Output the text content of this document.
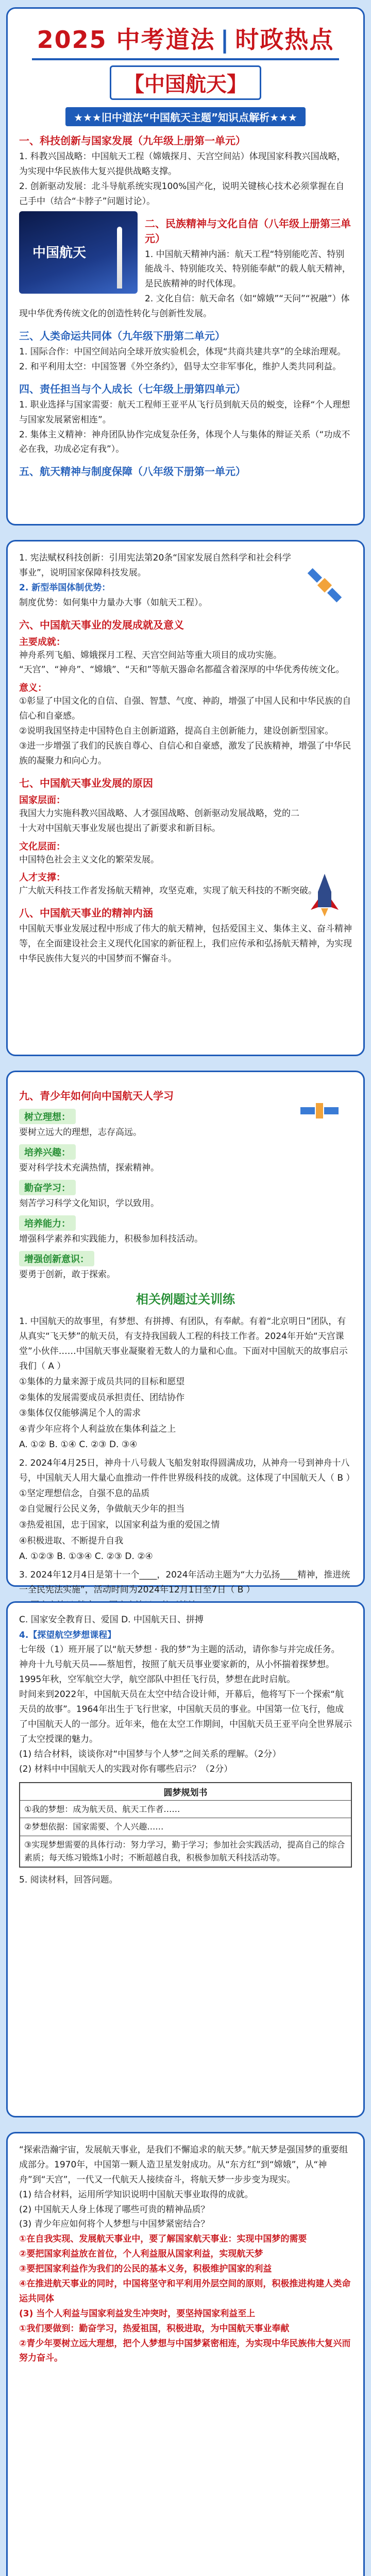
2025 中考道法 | 时政热点
【中国航天】
★★★旧中道法“中国航天主题”知识点解析★★★
一、科技创新与国家发展（九年级上册第一单元）

1. 科教兴国战略：中国航天工程（嫦娥探月、天宫空间站）体现国家科教兴国战略，为实现中华民族伟大复兴提供战略支撑。

2. 创新驱动发展：北斗导航系统实现100%国产化，说明关键核心技术必须掌握在自己手中（结合“卡脖子”问题讨论）。

中国航天
二、民族精神与文化自信（八年级上册第三单元）

1. 中国航天精神内涵：航天工程“特别能吃苦、特别能战斗、特别能攻关、特别能奉献”的载人航天精神，是民族精神的时代体现。

2. 文化自信：航天命名（如“嫦娥”“天问”“祝融”）体现中华优秀传统文化的创造性转化与创新性发展。

三、人类命运共同体（九年级下册第二单元）

1. 国际合作：中国空间站向全球开放实验机会，体现“共商共建共享”的全球治理观。

2. 和平利用太空：中国签署《外空条约》，倡导太空非军事化，维护人类共同利益。

四、责任担当与个人成长（七年级上册第四单元）

1. 职业选择与国家需要：航天工程师王亚平从飞行员到航天员的蜕变，诠释“个人理想与国家发展紧密相连”。

2. 集体主义精神：神舟团队协作完成复杂任务，体现个人与集体的辩证关系（“功成不必在我，功成必定有我”）。

五、航天精神与制度保障（八年级下册第一单元）

1. 宪法赋权科技创新：引用宪法第20条“国家发展自然科学和社会科学事业”，说明国家保障科技发展。

2. 新型举国体制优势：

制度优势：如何集中力量办大事（如航天工程）。

六、中国航天事业的发展成就及意义
主要成就：

神舟系列飞船、嫦娥探月工程、天宫空间站等重大项目的成功实施。

“天宫”、“神舟”、“嫦娥”、“天和”等航天器命名都蕴含着深厚的中华优秀传统文化。

意义：

①彰显了中国文化的自信、自强、智慧、气度、神韵，增强了中国人民和中华民族的自信心和自豪感。

②说明我国坚持走中国特色自主创新道路，提高自主创新能力，建设创新型国家。

③进一步增强了我们的民族自尊心、自信心和自豪感，激发了民族精神，增强了中华民族的凝聚力和向心力。

七、中国航天事业发展的原因
国家层面：

我国大力实施科教兴国战略、人才强国战略、创新驱动发展战略，党的二十大对中国航天事业发展也提出了新要求和新目标。

文化层面：

中国特色社会主义文化的繁荣发展。

人才支撑：

广大航天科技工作者发扬航天精神，攻坚克难，实现了航天科技的不断突破。

八、中国航天事业的精神内涵

中国航天事业发展过程中形成了伟大的航天精神，包括爱国主义、集体主义、奋斗精神等，在全面建设社会主义现代化国家的新征程上，我们应传承和弘扬航天精神，为实现中华民族伟大复兴的中国梦而不懈奋斗。

九、青少年如何向中国航天人学习
树立理想：

要树立远大的理想，志存高远。

培养兴趣：

要对科学技术充满热情，探索精神。

勤奋学习：

刻苦学习科学文化知识，学以致用。

培养能力：

增强科学素养和实践能力，积极参加科技活动。

增强创新意识：

要勇于创新，敢于探索。

相关例题过关训练

1. 中国航天的故事里，有梦想、有拼搏、有团队，有奉献。有着“北京明日”团队，有从真实“飞天梦”的航天员，有支持我国载人工程的科技工作者。2024年开始“天宫课堂”小伙伴……中国航天事业凝聚着无数人的力量和心血。下面对中国航天的故事启示我们（ A ）

①集体的力量来源于成员共同的目标和愿望
②集体的发展需要成员承担责任、团结协作
③集体仅仅能够满足个人的需求
④青少年应将个人利益放在集体利益之上
A. ①② B. ①④ C. ②③ D. ③④

2. 2024年4月25日，神舟十八号载人飞船发射取得圆满成功，从神舟一号到神舟十八号，中国航天人用大量心血推动一件件世界级科技的成就。这体现了中国航天人（ B ）

①坚定理想信念，自强不息的品质
②自觉履行公民义务，争做航天少年的担当
③热爱祖国，忠于国家，以国家利益为重的爱国之情
④积极进取、不断提升自我
A. ①②③ B. ①③④ C. ②③ D. ②④

3. 2024年12月4日是第十一个____，2024年活动主题为“大力弘扬____精神，推进统一全民宪法实施”，活动时间为2024年12月1日至7日（ B ）

C. 国家安全教育日、爱国 D. 中国航天日、拼搏

4.【探望航空梦想课程】

七年级（1）班开展了以“航天梦想 · 我的梦”为主题的活动，请你参与并完成任务。

神舟十九号航天员——蔡旭哲，按照了航天员事业要家新的，从小怀揣着探梦想。1995年秋，空军航空大学，航空部队中担任飞行员，梦想在此时启航。

时间来到2022年，中国航天员在太空中结合设计师，开幕后，他将写下一个探索“航天员的故事”。1964年出生于飞行世家，中国航天员的事业。中国第一位飞行，他成了中国航天人的一部分。近年来，他在太空工作期间，中国航天员王亚平向全世界展示了太空授课的魅力。

(1) 结合材料，谈谈你对“中国梦与个人梦”之间关系的理解。（2分）

(2) 材料中中国航天人的实践对你有哪些启示？（2分）

圆梦规划书
①我的梦想：成为航天员、航天工作者……
②梦想依据：国家需要、个人兴趣……
③实现梦想需要的具体行动：努力学习，勤于学习；参加社会实践活动，提高自己的综合素质；每天练习锻炼1小时；不断超越自我，积极参加航天科技活动等。

5. 阅读材料，回答问题。

“探索浩瀚宇宙，发展航天事业，是我们不懈追求的航天梦。”航天梦是强国梦的重要组成部分。1970年，中国第一颗人造卫星发射成功。从“东方红”到“嫦娥”，从“神舟”到“天宫”，一代又一代航天人接续奋斗，将航天梦一步步变为现实。

(1) 结合材料，运用所学知识说明中国航天事业取得的成就。

(2) 中国航天人身上体现了哪些可贵的精神品质？

(3) 青少年应如何将个人梦想与中国梦紧密结合？

①在自我实现、发展航天事业中，要了解国家航天事业：实现中国梦的需要

②要把国家利益放在首位，个人利益服从国家利益，实现航天梦

③要把国家利益作为我们的公民的基本义务，积极维护国家的利益

④在推进航天事业的同时，中国将坚守和平利用外层空间的原则，积极推进构建人类命运共同体

(3) 当个人利益与国家利益发生冲突时，要坚持国家利益至上

①我们要做到：勤奋学习，热爱祖国，积极进取，为中国航天事业奉献

②青少年要树立远大理想，把个人梦想与中国梦紧密相连，为实现中华民族伟大复兴而努力奋斗。
